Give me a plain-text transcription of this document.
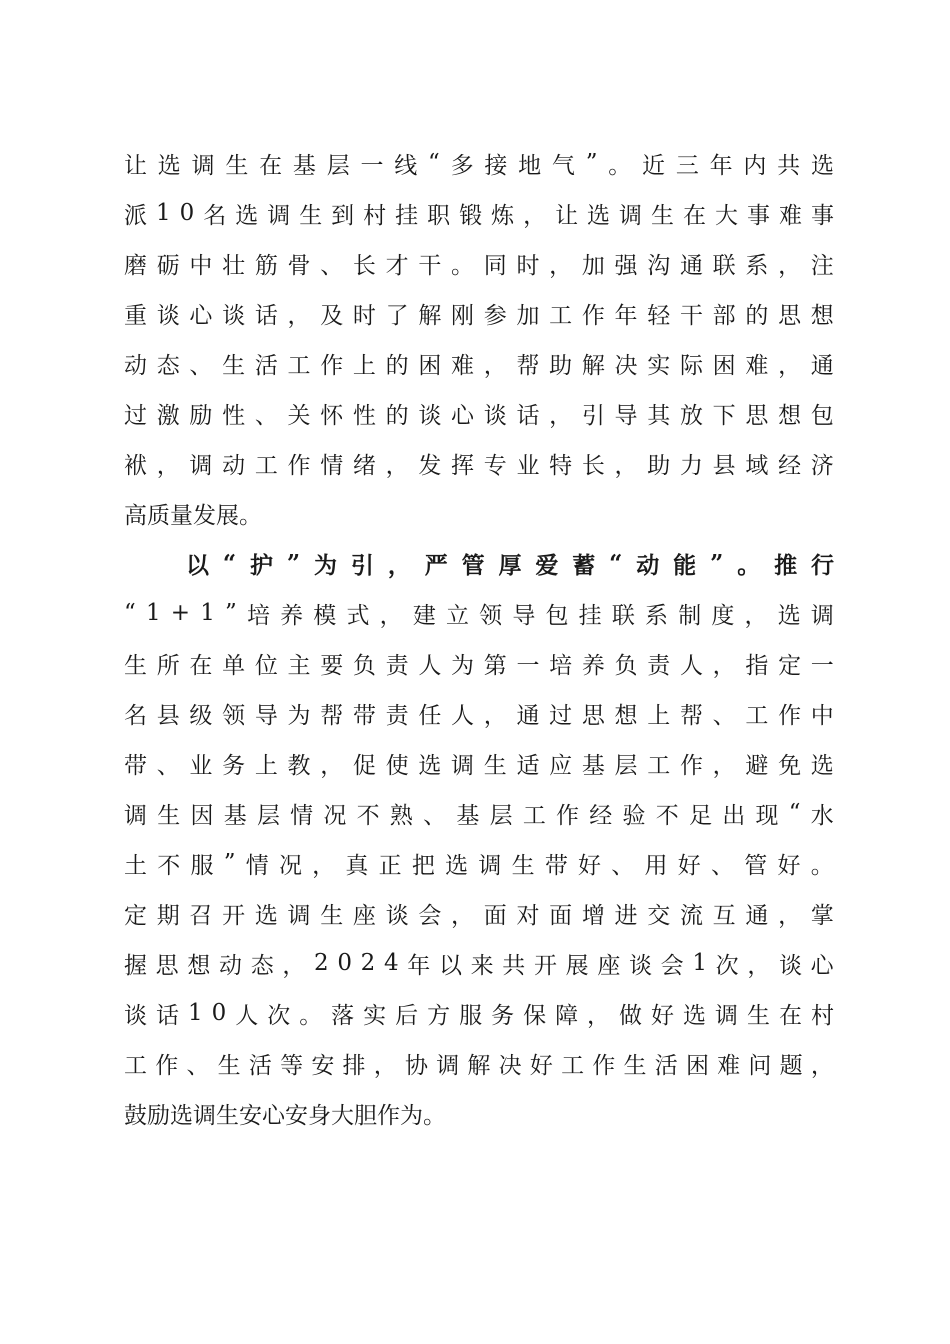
让 选 调 生 在 基 层 一 线 “ 多 接 地 气 ” 。 近 三 年 内 共 选
派 1 0 名 选 调 生 到 村 挂 职 锻 炼 ， 让 选 调 生 在 大 事 难 事
磨 砺 中 壮 筋 骨 、 长 才 干 。 同 时 ， 加 强 沟 通 联 系 ， 注
重 谈 心 谈 话 ， 及 时 了 解 刚 参 加 工 作 年 轻 干 部 的 思 想
动 态 、 生 活 工 作 上 的 困 难 ， 帮 助 解 决 实 际 困 难 ， 通
过 激 励 性 、 关 怀 性 的 谈 心 谈 话 ， 引 导 其 放 下 思 想 包
袱 ， 调 动 工 作 情 绪 ， 发 挥 专 业 特 长 ， 助 力 县 域 经 济
高质量发展。
以 “ 护 ” 为 引 ， 严 管 厚 爱 蓄 “ 动 能 ” 。 推 行
“ 1 + 1 ” 培 养 模 式 ， 建 立 领 导 包 挂 联 系 制 度 ， 选 调
生 所 在 单 位 主 要 负 责 人 为 第 一 培 养 负 责 人 ， 指 定 一
名 县 级 领 导 为 帮 带 责 任 人 ， 通 过 思 想 上 帮 、 工 作 中
带 、 业 务 上 教 ， 促 使 选 调 生 适 应 基 层 工 作 ， 避 免 选
调 生 因 基 层 情 况 不 熟 、 基 层 工 作 经 验 不 足 出 现 “ 水
土 不 服 ” 情 况 ， 真 正 把 选 调 生 带 好 、 用 好 、 管 好 。
定 期 召 开 选 调 生 座 谈 会 ， 面 对 面 增 进 交 流 互 通 ， 掌
握 思 想 动 态 ， 2 0 2 4 年 以 来 共 开 展 座 谈 会 1 次 ， 谈 心
谈 话 1 0 人 次 。 落 实 后 方 服 务 保 障 ， 做 好 选 调 生 在 村
工 作 、 生 活 等 安 排 ， 协 调 解 决 好 工 作 生 活 困 难 问 题 ，
鼓励选调生安心安身大胆作为。
